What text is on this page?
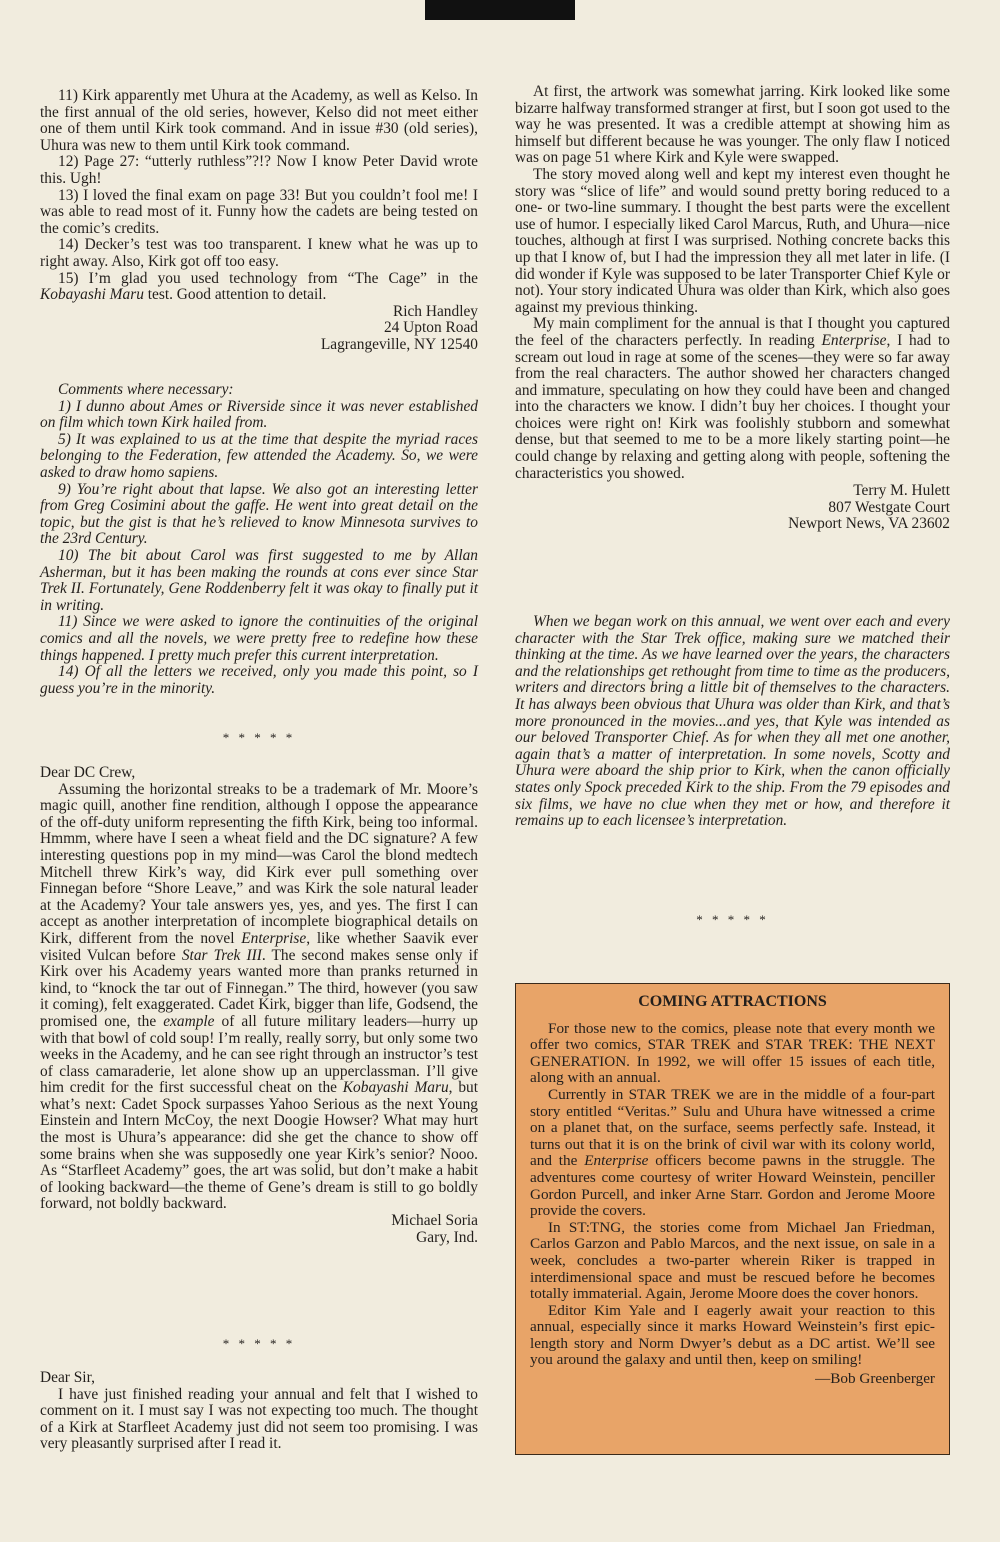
11) Kirk apparently met Uhura at the Academy, as well as Kelso. In the first annual of the old series, however, Kelso did not meet either one of them until Kirk took command. And in issue #30 (old series), Uhura was new to them until Kirk took command.

12) Page 27: “utterly ruthless”?!? Now I know Peter David wrote this. Ugh!

13) I loved the final exam on page 33! But you couldn’t fool me! I was able to read most of it. Funny how the cadets are being tested on the comic’s credits.

14) Decker’s test was too transparent. I knew what he was up to right away. Also, Kirk got off too easy.

15) I’m glad you used technology from “The Cage” in the Kobayashi Maru test. Good attention to detail.

Rich Handley
24 Upton Road
Lagrangeville, NY 12540

Comments where necessary:

1) I dunno about Ames or Riverside since it was never established on film which town Kirk hailed from.

5) It was explained to us at the time that despite the myriad races belonging to the Federation, few attended the Academy. So, we were asked to draw homo sapiens.

9) You’re right about that lapse. We also got an interesting letter from Greg Cosimini about the gaffe. He went into great detail on the topic, but the gist is that he’s relieved to know Minnesota survives to the 23rd Century.

10) The bit about Carol was first suggested to me by Allan Asherman, but it has been making the rounds at cons ever since Star Trek II. Fortunately, Gene Roddenberry felt it was okay to finally put it in writing.

11) Since we were asked to ignore the continuities of the original comics and all the novels, we were pretty free to redefine how these things happened. I pretty much prefer this current interpretation.

14) Of all the letters we received, only you made this point, so I guess you’re in the minority.

* * * * *

Dear DC Crew,

Assuming the horizontal streaks to be a trademark of Mr. Moore’s magic quill, another fine rendition, although I oppose the appearance of the off-duty uniform representing the fifth Kirk, being too informal. Hmmm, where have I seen a wheat field and the DC signature? A few interesting questions pop in my mind—was Carol the blond medtech Mitchell threw Kirk’s way, did Kirk ever pull something over Finnegan before “Shore Leave,” and was Kirk the sole natural leader at the Academy? Your tale answers yes, yes, and yes. The first I can accept as another interpretation of incomplete biographical details on Kirk, different from the novel Enterprise, like whether Saavik ever visited Vulcan before Star Trek III. The second makes sense only if Kirk over his Academy years wanted more than pranks returned in kind, to “knock the tar out of Finnegan.” The third, however (you saw it coming), felt exaggerated. Cadet Kirk, bigger than life, Godsend, the promised one, the example of all future military leaders—hurry up with that bowl of cold soup! I’m really, really sorry, but only some two weeks in the Academy, and he can see right through an instructor’s test of class camaraderie, let alone show up an upperclassman. I’ll give him credit for the first successful cheat on the Kobayashi Maru, but what’s next: Cadet Spock surpasses Yahoo Serious as the next Young Einstein and Intern McCoy, the next Doogie Howser? What may hurt the most is Uhura’s appearance: did she get the chance to show off some brains when she was supposedly one year Kirk’s senior? Nooo. As “Starfleet Academy” goes, the art was solid, but don’t make a habit of looking backward—the theme of Gene’s dream is still to go boldly forward, not boldly backward.

Michael Soria
Gary, Ind.
* * * * *

Dear Sir,

I have just finished reading your annual and felt that I wished to comment on it. I must say I was not expecting too much. The thought of a Kirk at Starfleet Academy just did not seem too promising. I was very pleasantly surprised after I read it.

At first, the artwork was somewhat jarring. Kirk looked like some bizarre halfway transformed stranger at first, but I soon got used to the way he was presented. It was a credible attempt at showing him as himself but different because he was younger. The only flaw I noticed was on page 51 where Kirk and Kyle were swapped.

The story moved along well and kept my interest even thought he story was “slice of life” and would sound pretty boring reduced to a one- or two-line summary. I thought the best parts were the excellent use of humor. I especially liked Carol Marcus, Ruth, and Uhura—nice touches, although at first I was surprised. Nothing concrete backs this up that I know of, but I had the impression they all met later in life. (I did wonder if Kyle was supposed to be later Transporter Chief Kyle or not). Your story indicated Uhura was older than Kirk, which also goes against my previous thinking.

My main compliment for the annual is that I thought you captured the feel of the characters perfectly. In reading Enterprise, I had to scream out loud in rage at some of the scenes—they were so far away from the real characters. The author showed her characters changed and immature, speculating on how they could have been and changed into the characters we know. I didn’t buy her choices. I thought your choices were right on! Kirk was foolishly stubborn and somewhat dense, but that seemed to me to be a more likely starting point—he could change by relaxing and getting along with people, softening the characteristics you showed.

Terry M. Hulett
807 Westgate Court
Newport News, VA 23602

When we began work on this annual, we went over each and every character with the Star Trek office, making sure we matched their thinking at the time. As we have learned over the years, the characters and the relationships get rethought from time to time as the producers, writers and directors bring a little bit of themselves to the characters. It has always been obvious that Uhura was older than Kirk, and that’s more pronounced in the movies...and yes, that Kyle was intended as our beloved Transporter Chief. As for when they all met one another, again that’s a matter of interpretation. In some novels, Scotty and Uhura were aboard the ship prior to Kirk, when the canon officially states only Spock preceded Kirk to the ship. From the 79 episodes and six films, we have no clue when they met or how, and therefore it remains up to each licensee’s interpretation.

* * * * *
COMING ATTRACTIONS

For those new to the comics, please note that every month we offer two comics, STAR TREK and STAR TREK: THE NEXT GENERATION. In 1992, we will offer 15 issues of each title, along with an annual.

Currently in STAR TREK we are in the middle of a four-part story entitled “Veritas.” Sulu and Uhura have witnessed a crime on a planet that, on the surface, seems perfectly safe. Instead, it turns out that it is on the brink of civil war with its colony world, and the Enterprise officers become pawns in the struggle. The adventures come courtesy of writer Howard Weinstein, penciller Gordon Purcell, and inker Arne Starr. Gordon and Jerome Moore provide the covers.

In ST:TNG, the stories come from Michael Jan Friedman, Carlos Garzon and Pablo Marcos, and the next issue, on sale in a week, concludes a two-parter wherein Riker is trapped in interdimensional space and must be rescued before he becomes totally immaterial. Again, Jerome Moore does the cover honors.

Editor Kim Yale and I eagerly await your reaction to this annual, especially since it marks Howard Weinstein’s first epic-length story and Norm Dwyer’s debut as a DC artist. We’ll see you around the galaxy and until then, keep on smiling!

—Bob Greenberger
